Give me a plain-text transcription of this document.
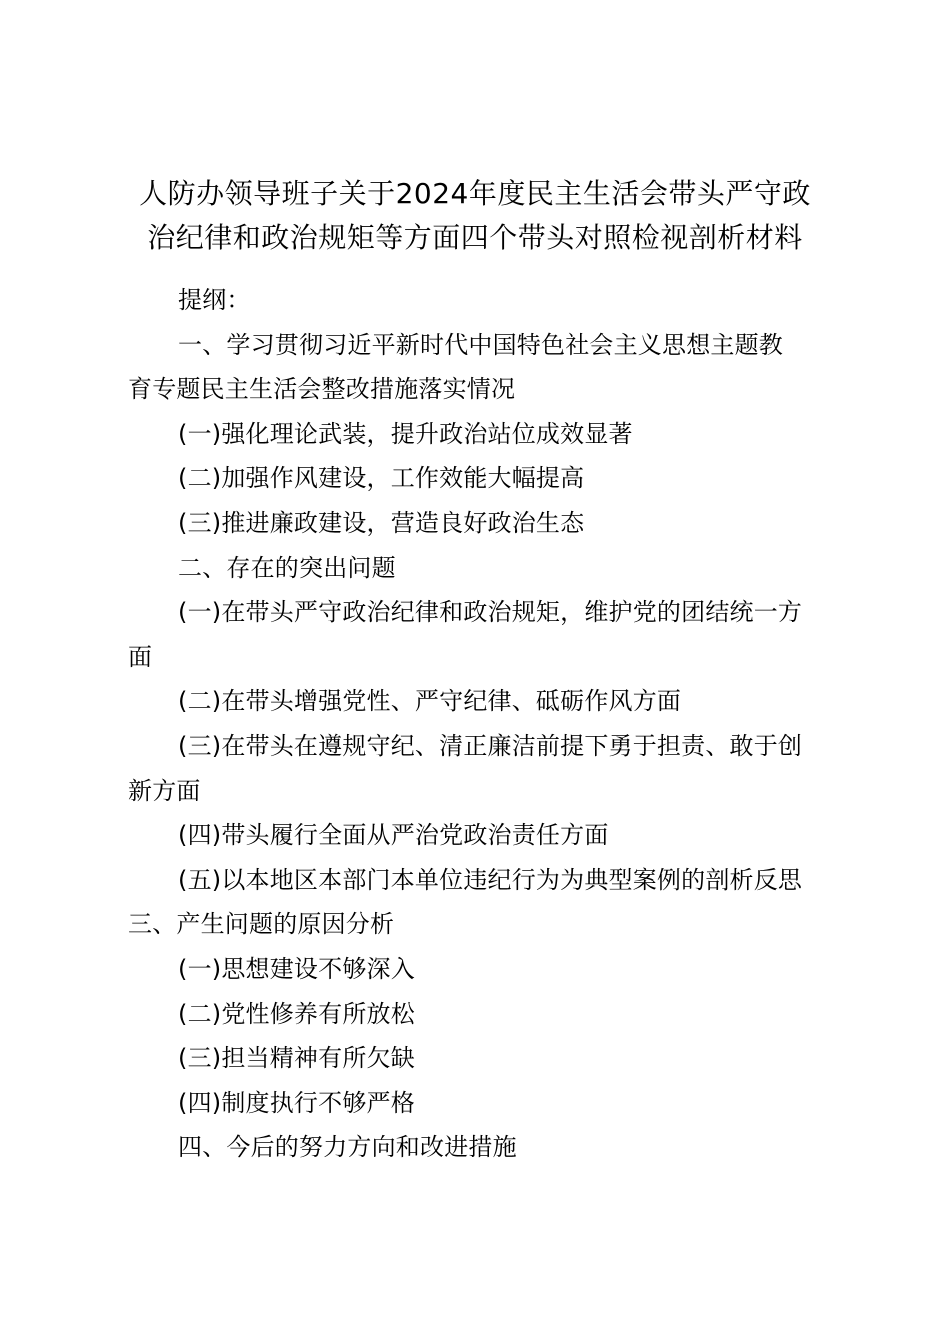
人防办领导班子关于2024年度民主生活会带头严守政
治纪律和政治规矩等方面四个带头对照检视剖析材料

提纲：

一、学习贯彻习近平新时代中国特色社会主义思想主题教

育专题民主生活会整改措施落实情况

(一)强化理论武装，提升政治站位成效显著

(二)加强作风建设，工作效能大幅提高

(三)推进廉政建设，营造良好政治生态

二、存在的突出问题

(一)在带头严守政治纪律和政治规矩，维护党的团结统一方

面

(二)在带头增强党性、严守纪律、砥砺作风方面

(三)在带头在遵规守纪、清正廉洁前提下勇于担责、敢于创

新方面

(四)带头履行全面从严治党政治责任方面

(五)以本地区本部门本单位违纪行为为典型案例的剖析反思

三、产生问题的原因分析

(一)思想建设不够深入

(二)党性修养有所放松

(三)担当精神有所欠缺

(四)制度执行不够严格

四、今后的努力方向和改进措施
